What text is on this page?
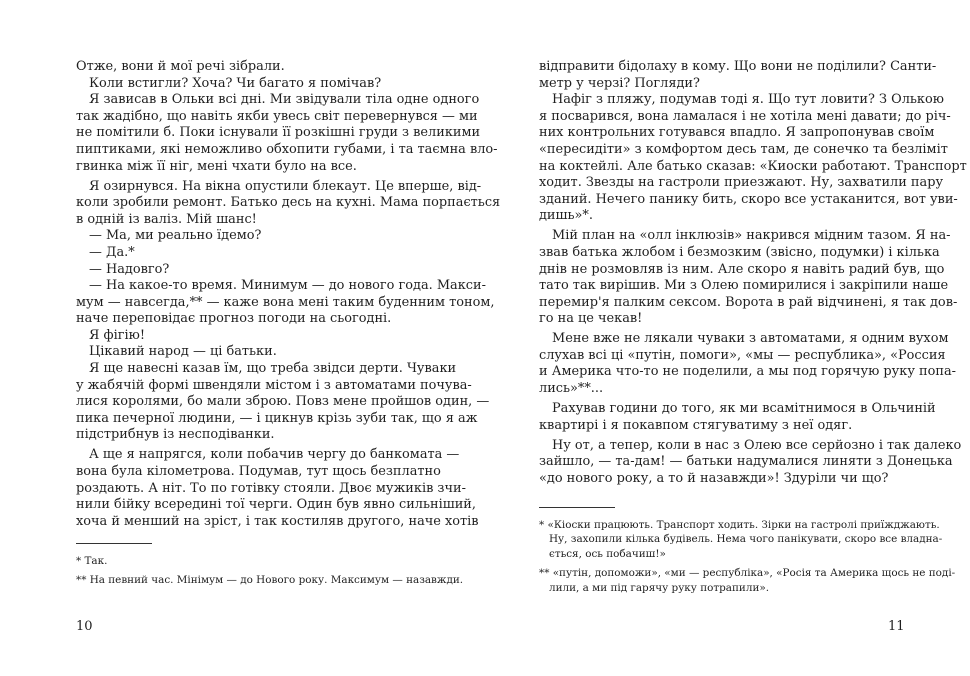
Отже, вони й мої речі зібрали.
Коли встигли? Хоча? Чи багато я помічав?
Я зависав в Ольки всі дні. Ми звідували тіла одне одного
так жадібно, що навіть якби увесь світ перевернувся — ми
не помітили б. Поки існували її розкішні груди з великими
пиптиками, які неможливо обхопити губами, і та таємна вло-
гвинка між її ніг, мені чхати було на все.
Я озирнувся. На вікна опустили блекаут. Це вперше, від-
коли зробили ремонт. Батько десь на кухні. Мама порпається
в одній із валіз. Мій шанс!
— Ма, ми реально їдемо?
— Да.*
— Надовго?
— На какое-то время. Минимум — до нового года. Макси-
мум — навсегда,** — каже вона мені таким буденним тоном,
наче переповідає прогноз погоди на сьогодні.
Я фігію!
Цікавий народ — ці батьки.
Я ще навесні казав їм, що треба звідси дерти. Чуваки
у жабячій формі швендяли містом і з автоматами почува-
лися королями, бо мали зброю. Повз мене пройшов один, —
пика печерної людини, — і цикнув крізь зуби так, що я аж
підстрибнув із несподіванки.
А ще я напрягся, коли побачив чергу до банкомата —
вона була кілометрова. Подумав, тут щось безплатно
роздають. А ніт. То по готівку стояли. Двоє мужиків зчи-
нили бійку всередині тої черги. Один був явно сильніший,
хоча й менший на зріст, і так костиляв другого, наче хотів
* Так.
** На певний час. Мінімум — до Нового року. Максимум — назавжди.
10
відправити бідолаху в кому. Що вони не поділили? Санти-
метр у черзі? Погляди?
Нафіг з пляжу, подумав тоді я. Що тут ловити? З Олькою
я посварився, вона ламалася і не хотіла мені давати; до річ-
них контрольних готувався впадло. Я запропонував своїм
«пересидіти» з комфортом десь там, де сонечко та безліміт
на коктейлі. Але батько сказав: «Киоски работают. Транспорт
ходит. Звезды на гастроли приезжают. Ну, захватили пару
зданий. Нечего панику бить, скоро все устаканится, вот уви-
дишь»*.
Мій план на «олл інклюзів» накрився мідним тазом. Я на-
звав батька жлобом і безмозким (звісно, подумки) і кілька
днів не розмовляв із ним. Але скоро я навіть радий був, що
тато так вирішив. Ми з Олею помирилися і закріпили наше
перемир'я палким сексом. Ворота в рай відчинені, я так дов-
го на це чекав!
Мене вже не лякали чуваки з автоматами, я одним вухом
слухав всі ці «путін, помоги», «мы — республика», «Россия
и Америка что-то не поделили, а мы под горячую руку попа-
лись»**...
Рахував години до того, як ми всамітнимося в Ольчиній
квартирі і я покавпом стягуватиму з неї одяг.
Ну от, а тепер, коли в нас з Олею все серйозно і так далеко
зайшло, — та-дам! — батьки надумалися линяти з Донецька
«до нового року, а то й назавжди»! Здуріли чи що?
* «Кіоски працюють. Транспорт ходить. Зірки на гастролі приїжджають.
Ну, захопили кілька будівель. Нема чого панікувати, скоро все владна-
ється, ось побачиш!»
** «путін, допоможи», «ми — республіка», «Росія та Америка щось не поді-
лили, а ми під гарячу руку потрапили».
11
